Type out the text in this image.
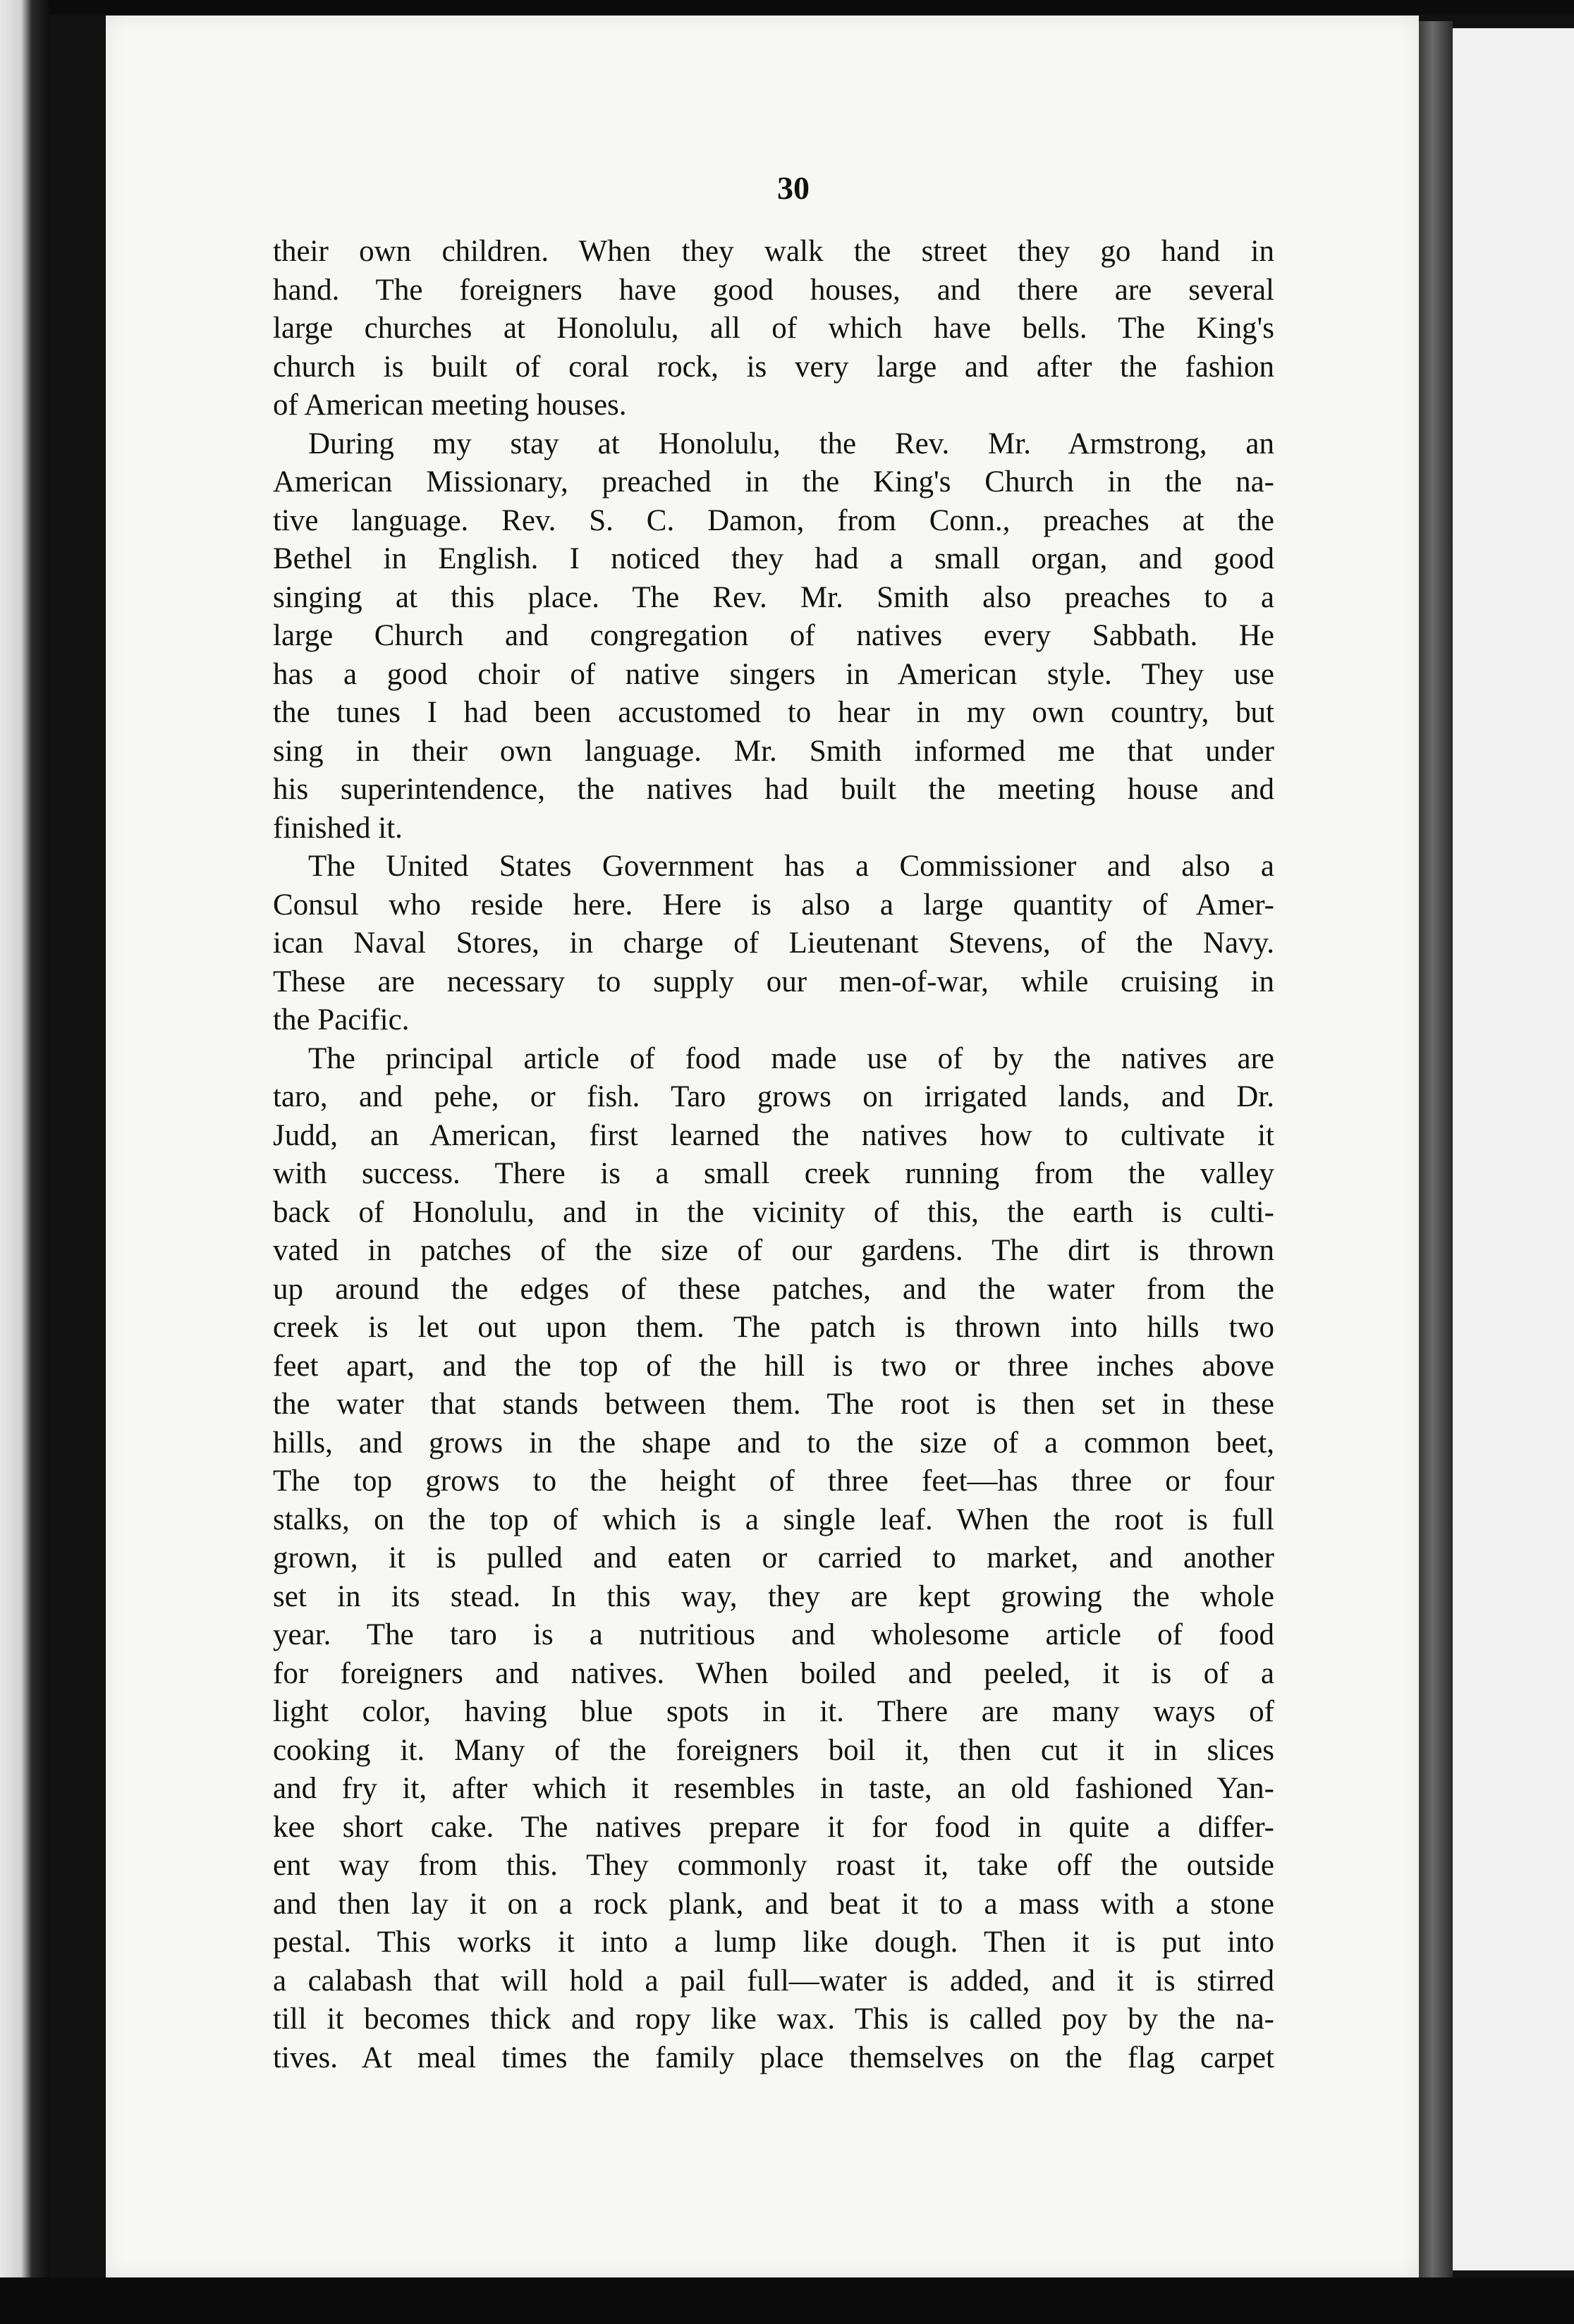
30
their own children. When they walk the street they go hand in
hand. The foreigners have good houses, and there are several
large churches at Honolulu, all of which have bells. The King's
church is built of coral rock, is very large and after the fashion
of American meeting houses.
During my stay at Honolulu, the Rev. Mr. Armstrong, an
American Missionary, preached in the King's Church in the na-
tive language. Rev. S. C. Damon, from Conn., preaches at the
Bethel in English. I noticed they had a small organ, and good
singing at this place. The Rev. Mr. Smith also preaches to a
large Church and congregation of natives every Sabbath. He
has a good choir of native singers in American style. They use
the tunes I had been accustomed to hear in my own country, but
sing in their own language. Mr. Smith informed me that under
his superintendence, the natives had built the meeting house and
finished it.
The United States Government has a Commissioner and also a
Consul who reside here. Here is also a large quantity of Amer-
ican Naval Stores, in charge of Lieutenant Stevens, of the Navy.
These are necessary to supply our men-of-war, while cruising in
the Pacific.
The principal article of food made use of by the natives are
taro, and pehe, or fish. Taro grows on irrigated lands, and Dr.
Judd, an American, first learned the natives how to cultivate it
with success. There is a small creek running from the valley
back of Honolulu, and in the vicinity of this, the earth is culti-
vated in patches of the size of our gardens. The dirt is thrown
up around the edges of these patches, and the water from the
creek is let out upon them. The patch is thrown into hills two
feet apart, and the top of the hill is two or three inches above
the water that stands between them. The root is then set in these
hills, and grows in the shape and to the size of a common beet,
The top grows to the height of three feet—has three or four
stalks, on the top of which is a single leaf. When the root is full
grown, it is pulled and eaten or carried to market, and another
set in its stead. In this way, they are kept growing the whole
year. The taro is a nutritious and wholesome article of food
for foreigners and natives. When boiled and peeled, it is of a
light color, having blue spots in it. There are many ways of
cooking it. Many of the foreigners boil it, then cut it in slices
and fry it, after which it resembles in taste, an old fashioned Yan-
kee short cake. The natives prepare it for food in quite a differ-
ent way from this. They commonly roast it, take off the outside
and then lay it on a rock plank, and beat it to a mass with a stone
pestal. This works it into a lump like dough. Then it is put into
a calabash that will hold a pail full—water is added, and it is stirred
till it becomes thick and ropy like wax. This is called poy by the na-
tives. At meal times the family place themselves on the flag carpet
